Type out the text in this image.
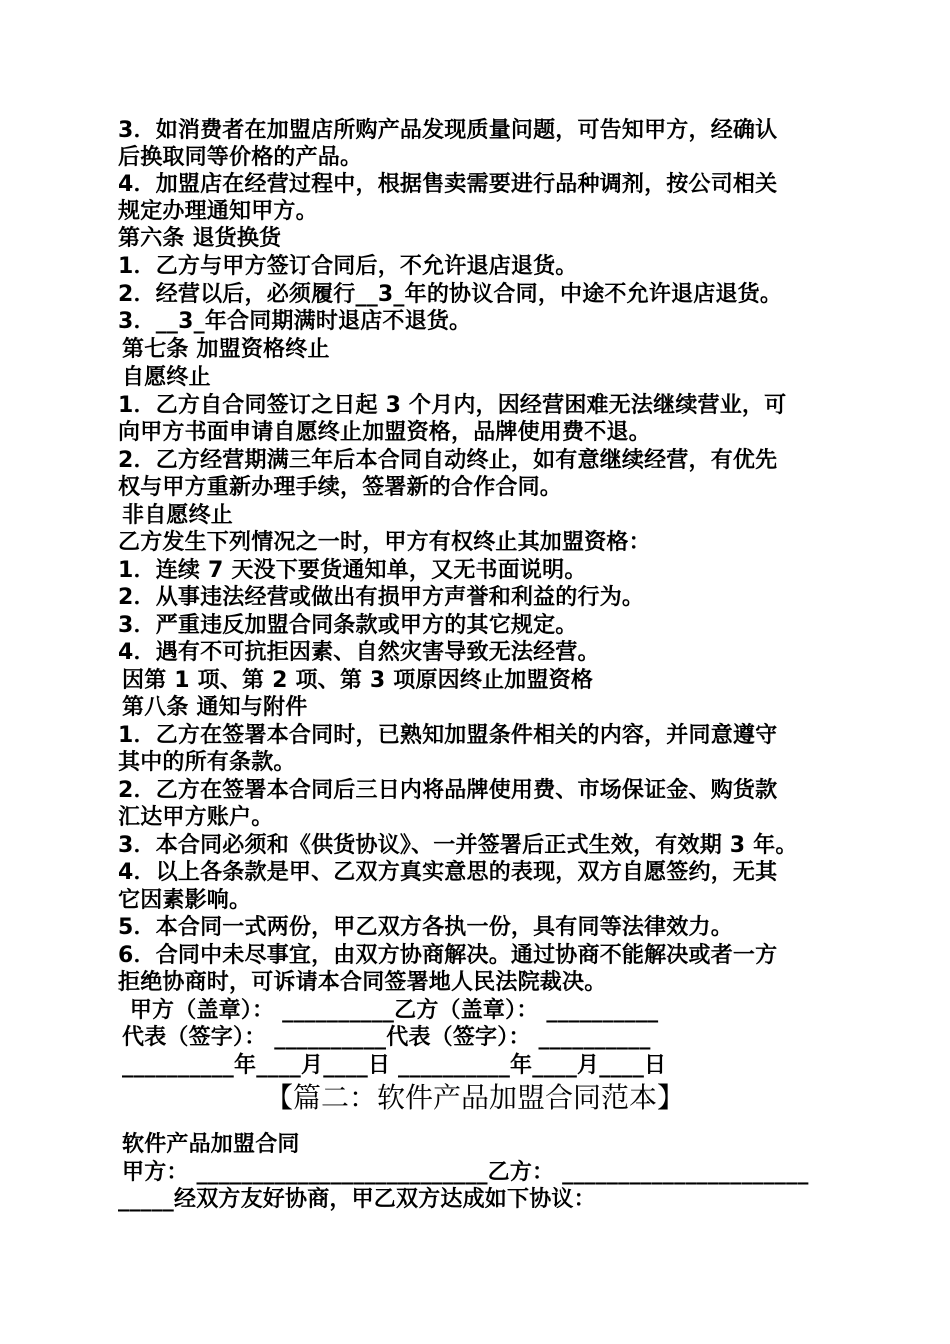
3．如消费者在加盟店所购产品发现质量问题，可告知甲方，经确认
后换取同等价格的产品。
4．加盟店在经营过程中，根据售卖需要进行品种调剂，按公司相关
规定办理通知甲方。
第六条 退货换货
1．乙方与甲方签订合同后，不允许退店退货。
2．经营以后，必须履行__3_年的协议合同，中途不允许退店退货。
3．__3_年合同期满时退店不退货。
第七条 加盟资格终止
自愿终止
1．乙方自合同签订之日起 3 个月内，因经营困难无法继续营业，可
向甲方书面申请自愿终止加盟资格，品牌使用费不退。
2．乙方经营期满三年后本合同自动终止，如有意继续经营，有优先
权与甲方重新办理手续，签署新的合作合同。
非自愿终止
乙方发生下列情况之一时，甲方有权终止其加盟资格：
1．连续 7 天没下要货通知单，又无书面说明。
2．从事违法经营或做出有损甲方声誉和利益的行为。
3．严重违反加盟合同条款或甲方的其它规定。
4．遇有不可抗拒因素、自然灾害导致无法经营。
因第 1 项、第 2 项、第 3 项原因终止加盟资格
第八条 通知与附件
1．乙方在签署本合同时，已熟知加盟条件相关的内容，并同意遵守
其中的所有条款。
2．乙方在签署本合同后三日内将品牌使用费、市场保证金、购货款
汇达甲方账户。
3．本合同必须和《供货协议》、一并签署后正式生效，有效期 3 年。
4．以上各条款是甲、乙双方真实意思的表现，双方自愿签约，无其
它因素影响。
5．本合同一式两份，甲乙双方各执一份，具有同等法律效力。
6．合同中未尽事宜，由双方协商解决。通过协商不能解决或者一方
拒绝协商时，可诉请本合同签署地人民法院裁决。
甲方（盖章）： __________乙方（盖章）： __________
代表（签字）： __________代表（签字）： __________
__________年____月____日 __________年____月____日
【篇二：软件产品加盟合同范本】
软件产品加盟合同
甲方： __________________________乙方： ______________________
_____经双方友好协商，甲乙双方达成如下协议：
